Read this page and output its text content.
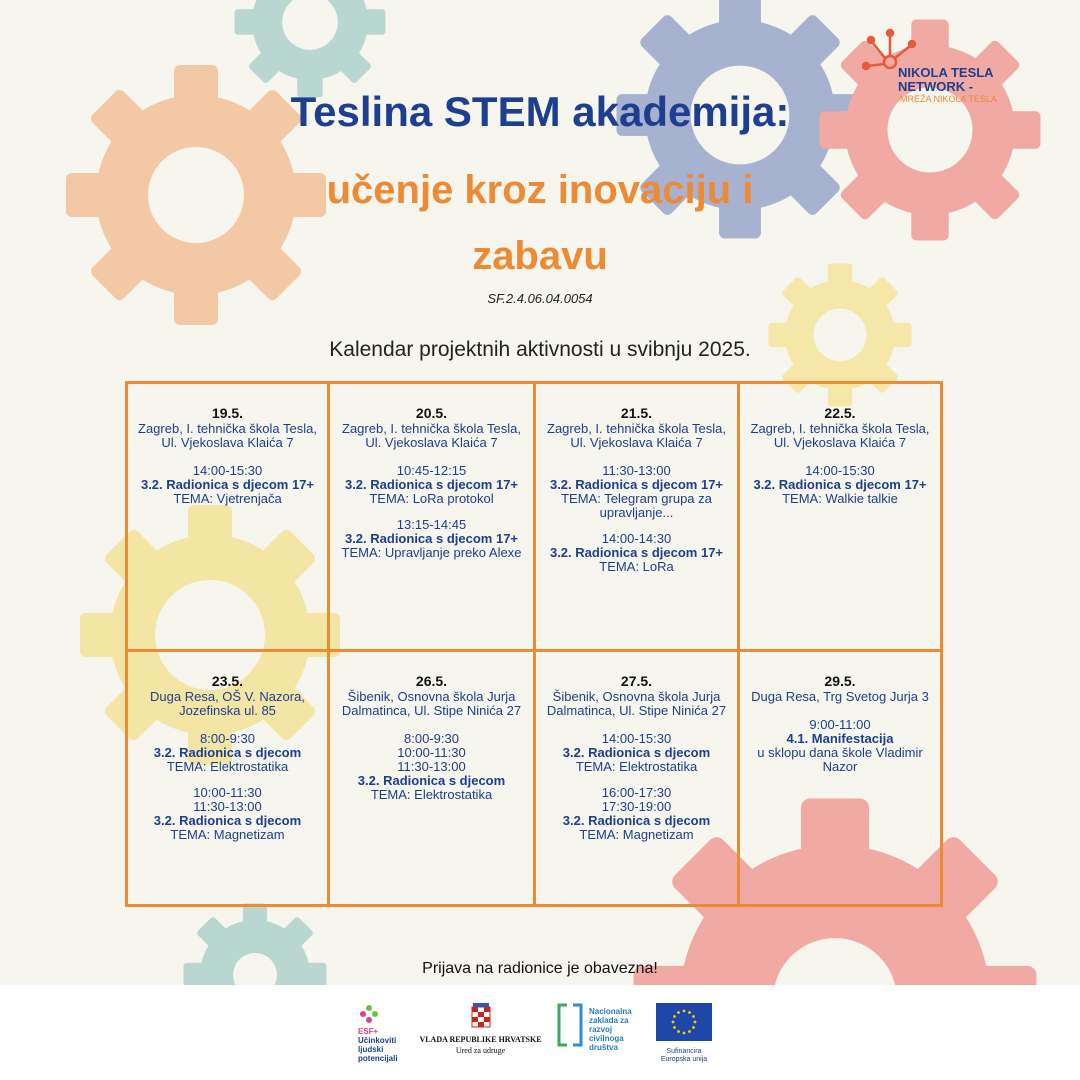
NIKOLA TESLA
NETWORK -
MREŽA NIKOLA TESLA
Teslina STEM akademija:
učenje kroz inovaciju i
zabavu
SF.2.4.06.04.0054
Kalendar projektnih aktivnosti u svibnju 2025.
19.5.
Zagreb, I. tehnička škola Tesla, Ul. Vjekoslava Klaića 7
14:00-15:30
3.2. Radionica s djecom 17+
TEMA: Vjetrenjača
20.5.
Zagreb, I. tehnička škola Tesla, Ul. Vjekoslava Klaića 7
10:45-12:15
3.2. Radionica s djecom 17+
TEMA: LoRa protokol
13:15-14:45
3.2. Radionica s djecom 17+
TEMA: Upravljanje preko Alexe
21.5.
Zagreb, I. tehnička škola Tesla, Ul. Vjekoslava Klaića 7
11:30-13:00
3.2. Radionica s djecom 17+
TEMA: Telegram grupa za upravljanje...
14:00-14:30
3.2. Radionica s djecom 17+
TEMA: LoRa
22.5.
Zagreb, I. tehnička škola Tesla, Ul. Vjekoslava Klaića 7
14:00-15:30
3.2. Radionica s djecom 17+
TEMA: Walkie talkie
23.5.
Duga Resa, OŠ V. Nazora, Jozefinska ul. 85
8:00-9:30
3.2. Radionica s djecom
TEMA: Elektrostatika
10:00-11:30
11:30-13:00
3.2. Radionica s djecom
TEMA: Magnetizam
26.5.
Šibenik, Osnovna škola Jurja Dalmatinca, Ul. Stipe Ninića 27
8:00-9:30
10:00-11:30
11:30-13:00
3.2. Radionica s djecom
TEMA: Elektrostatika
27.5.
Šibenik, Osnovna škola Jurja Dalmatinca, Ul. Stipe Ninića 27
14:00-15:30
3.2. Radionica s djecom
TEMA: Elektrostatika
16:00-17:30
17:30-19:00
3.2. Radionica s djecom
TEMA: Magnetizam
29.5.
Duga Resa, Trg Svetog Jurja 3
9:00-11:00
4.1. Manifestacija
u sklopu dana škole Vladimir Nazor
Prijava na radionice je obavezna!
ESF+
Učinkoviti ljudski potencijali
VLADA REPUBLIKE HRVATSKE
Ured za udruge
Nacionalna zaklada za razvoj civilnoga društva	Sufinancira Europska unija
